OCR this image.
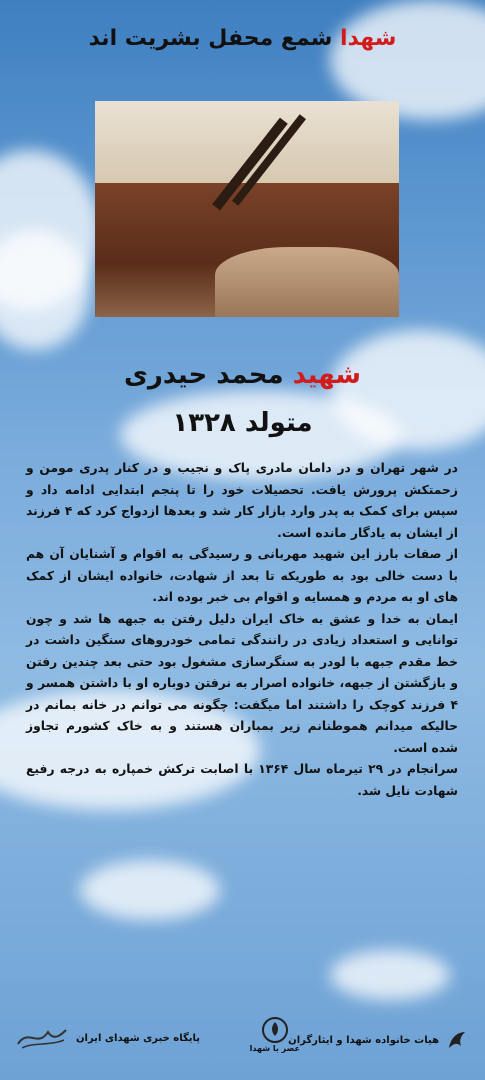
شهدا شمع محفل بشریت اند
شهید محمد حیدری
متولد ۱۳۲۸

در شهر تهران و در دامان مادری پاک و نجیب و در کنار پدری مومن و زحمتکش پرورش یافت. تحصیلات خود را تا پنجم ابتدایی ادامه داد و سپس برای کمک به پدر وارد بازار کار شد و بعدها ازدواج کرد که ۴ فرزند از ایشان به یادگار مانده است.

از صفات بارز این شهید مهربانی و رسیدگی به اقوام و آشنایان آن هم با دست خالی بود به طوریکه تا بعد از شهادت، خانواده ایشان از کمک های او به مردم و همسایه و اقوام بی خبر بوده اند.

ایمان به خدا و عشق به خاک ایران دلیل رفتن به جبهه ها شد و چون توانایی و استعداد زیادی در رانندگی تمامی خودروهای سنگین داشت در خط مقدم جبهه با لودر به سنگرسازی مشغول بود حتی بعد چندین رفتن و بازگشتن از جبهه، خانواده اصرار به نرفتن دوباره او با داشتن همسر و ۴ فرزند کوچک را داشتند اما میگفت: چگونه می توانم در خانه بمانم در حالیکه میدانم هموطنانم زیر بمباران هستند و به خاک کشورم تجاوز شده است.

سرانجام در ۲۹ تیرماه سال ۱۳۶۴ با اصابت ترکش خمپاره به درجه رفیع شهادت نایل شد.

هیات خانواده شهدا و ایثارگران
عصر با شهدا
پایگاه خبری شهدای ایران
